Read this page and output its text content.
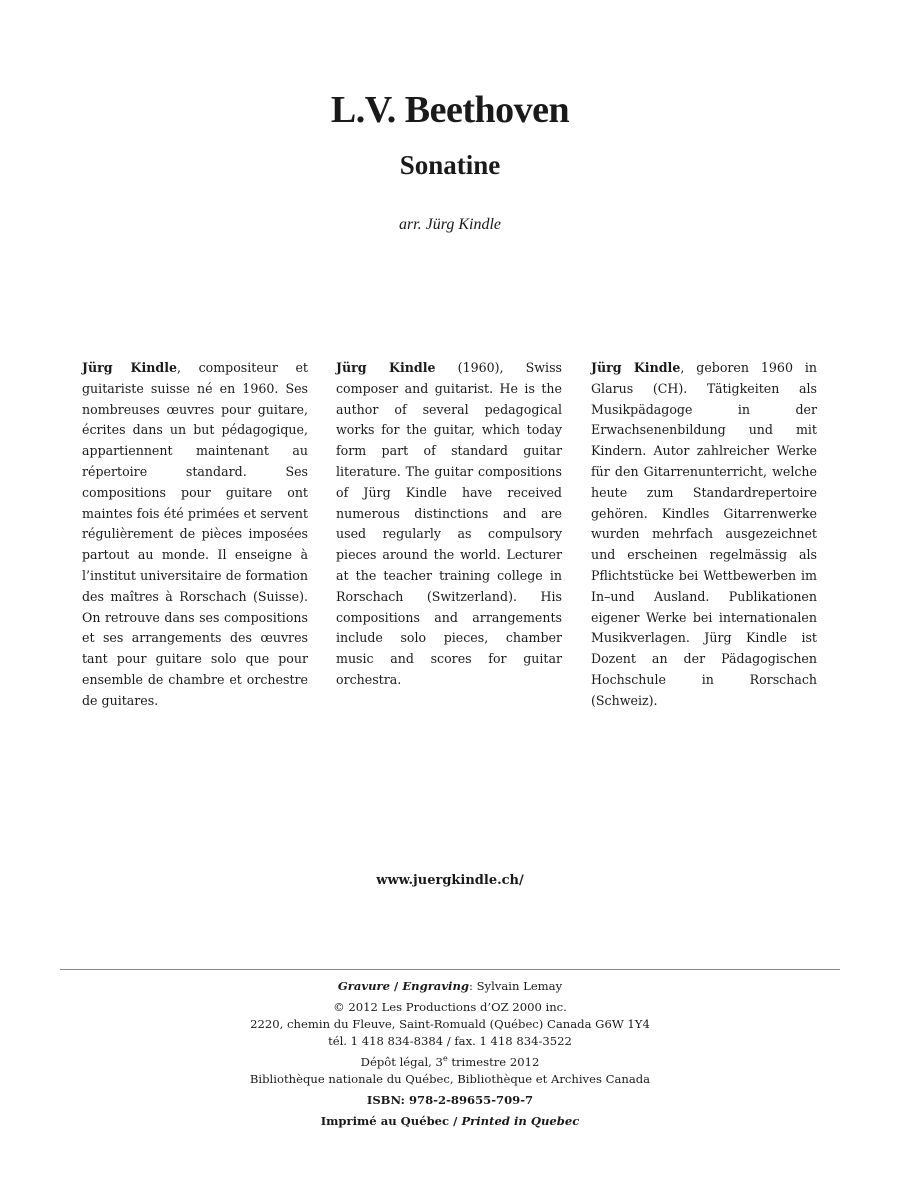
L.V. Beethoven
Sonatine
arr. Jürg Kindle

Jürg Kindle, compositeur et guitariste suisse né en 1960. Ses nombreuses œuvres pour guitare, écrites dans un but pédagogique, appartiennent maintenant au répertoire standard. Ses compositions pour guitare ont maintes fois été primées et servent régulièrement de pièces imposées partout au monde. Il enseigne à l’institut universitaire de formation des maîtres à Rorschach (Suisse). On retrouve dans ses compositions et ses arrangements des œuvres tant pour guitare solo que pour ensemble de chambre et orchestre de guitares.

Jürg Kindle (1960), Swiss composer and guitarist. He is the author of several pedagogical works for the guitar, which today form part of standard guitar literature. The guitar compositions of Jürg Kindle have received numerous distinctions and are used regularly as compulsory pieces around the world. Lecturer at the teacher training college in Rorschach (Switzerland). His compositions and arrangements include solo pieces, chamber music and scores for guitar orchestra.

Jürg Kindle, geboren 1960 in Glarus (CH). Tätigkeiten als Musikpädagoge in der Erwachsenenbildung und mit Kindern. Autor zahlreicher Werke für den Gitarrenunterricht, welche heute zum Standardrepertoire gehören. Kindles Gitarrenwerke wurden mehrfach ausgezeichnet und erscheinen regelmässig als Pflichtstücke bei Wettbewerben im In–und Ausland. Publikationen eigener Werke bei internationalen Musikverlagen. Jürg Kindle ist Dozent an der Pädagogischen Hochschule in Rorschach (Schweiz).

www.juergkindle.ch/
Gravure / Engraving: Sylvain Lemay
© 2012 Les Productions d’OZ 2000 inc.
2220, chemin du Fleuve, Saint-Romuald (Québec) Canada G6W 1Y4
tél. 1 418 834-8384 / fax. 1 418 834-3522
Dépôt légal, 3e trimestre 2012
Bibliothèque nationale du Québec, Bibliothèque et Archives Canada
ISBN: 978-2-89655-709-7
Imprimé au Québec / Printed in Quebec
